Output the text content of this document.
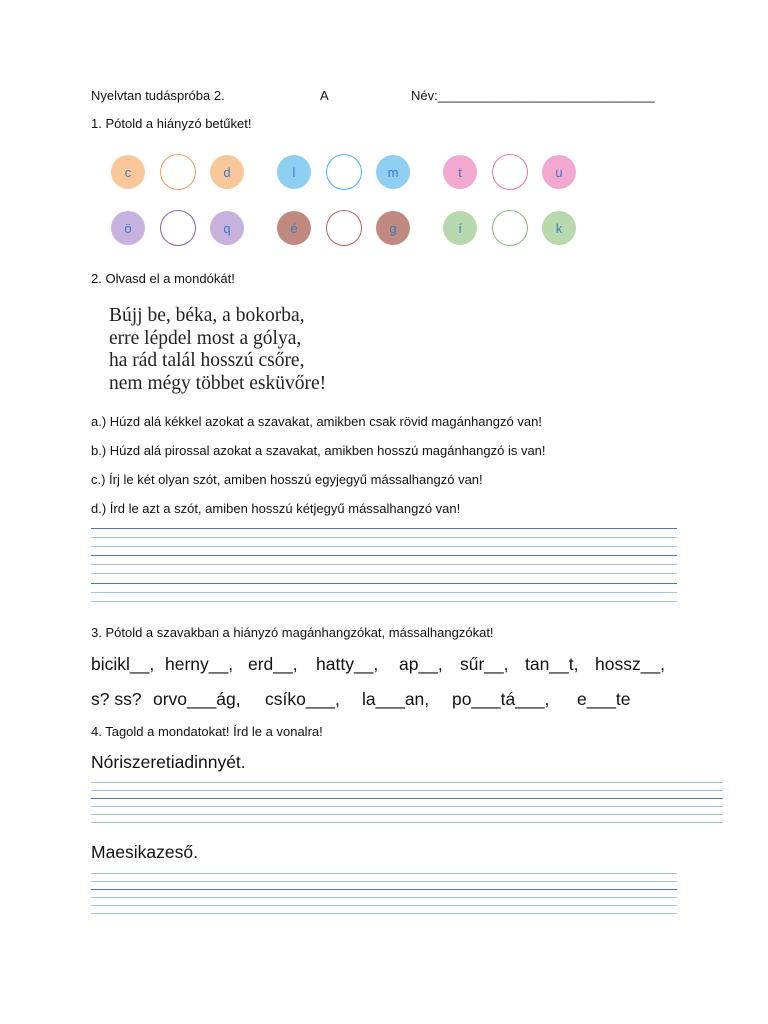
Nyelvtan tudáspróba 2.	A	Név:______________________________
1. Pótold a hiányzó betűket!
c	d	l	m	t	u
ö	q	é	g	í	k
2. Olvasd el a mondókát!
Bújj be, béka, a bokorba,
erre lépdel most a gólya,
ha rád talál hosszú csőre,
nem mégy többet esküvőre!
a.) Húzd alá kékkel azokat a szavakat, amikben csak rövid magánhangzó van!
b.) Húzd alá pirossal azokat a szavakat, amikben hosszú magánhangzó is van!
c.) Írj le két olyan szót, amiben hosszú egyjegyű mássalhangzó van!
d.) Írd le azt a szót, amiben hosszú kétjegyű mássalhangzó van!
3. Pótold a szavakban a hiányzó magánhangzókat, mássalhangzókat!
bicikl__, herny__, erd__, hatty__, ap__, sűr__, tan__t, hossz__,
s? ss? orvo___ág, csíko___, la___an, po___tá___, e___te
4. Tagold a mondatokat! Írd le a vonalra!
Nóriszeretiadinnyét.
Maesikazeső.
